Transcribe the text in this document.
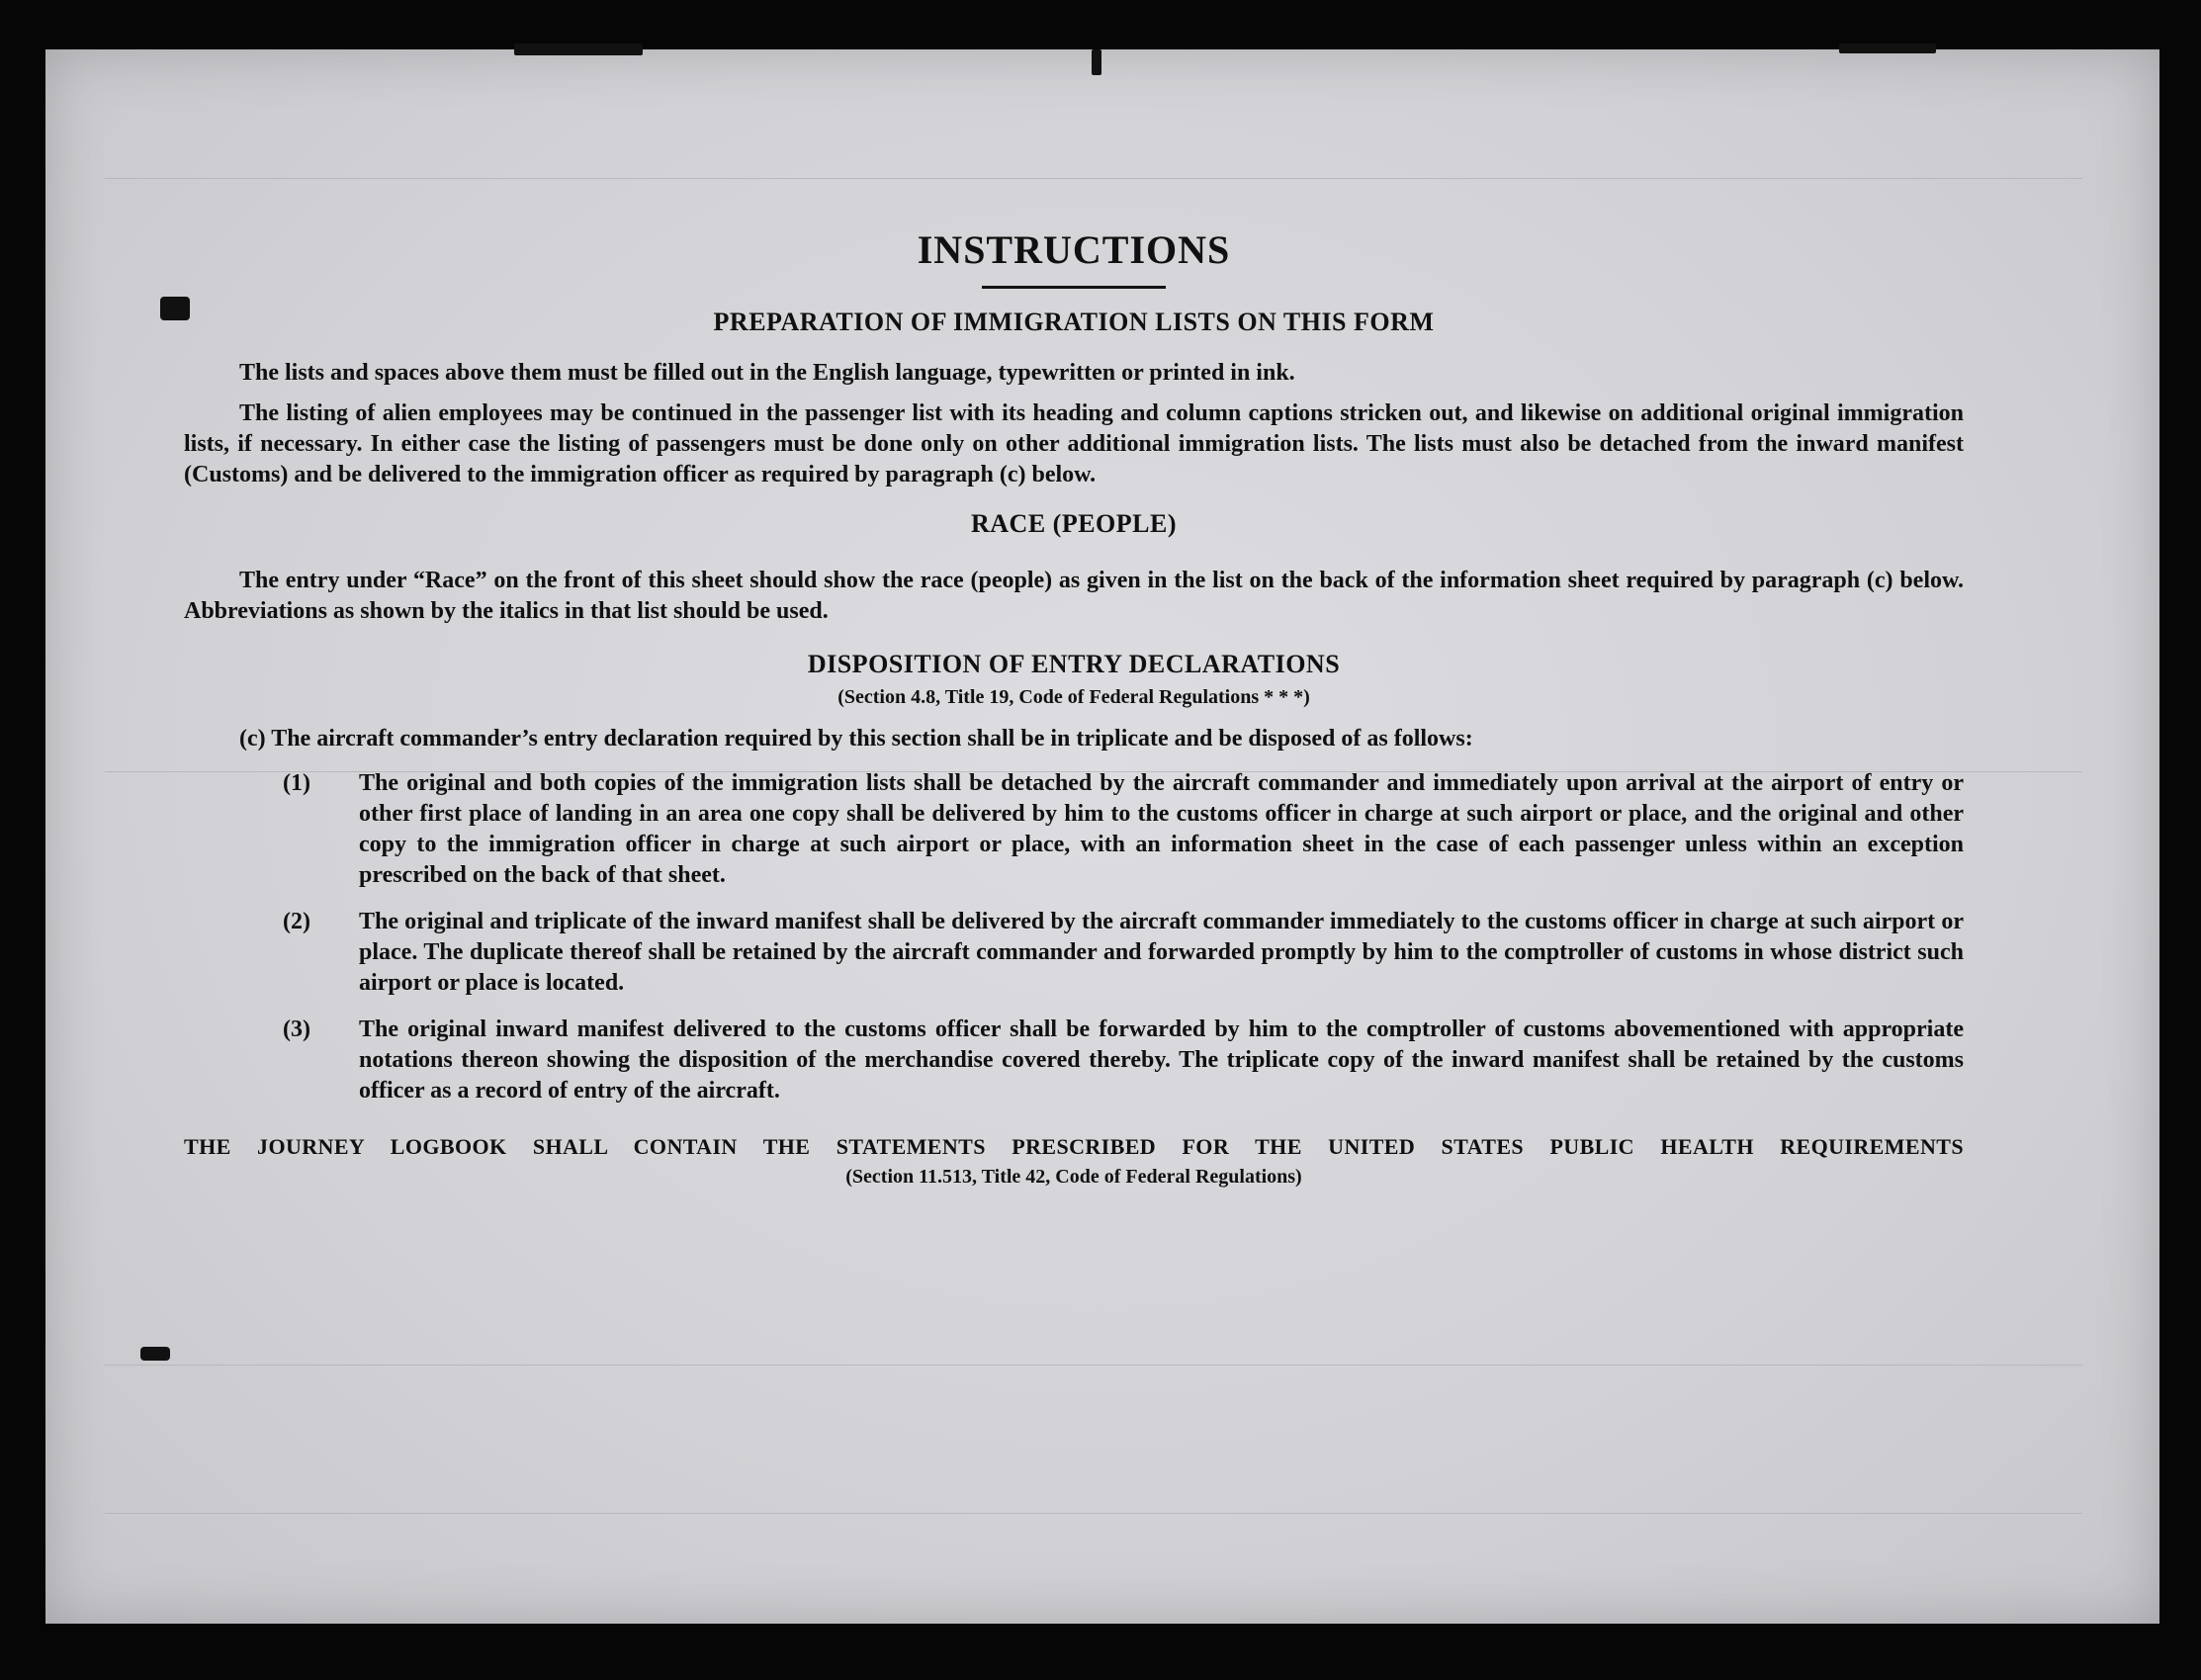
INSTRUCTIONS
PREPARATION OF IMMIGRATION LISTS ON THIS FORM

The lists and spaces above them must be filled out in the English language, typewritten or printed in ink.

The listing of alien employees may be continued in the passenger list with its heading and column captions stricken out, and likewise on additional original immigration lists, if necessary. In either case the listing of passengers must be done only on other additional immigration lists. The lists must also be detached from the inward manifest (Customs) and be delivered to the immigration officer as required by paragraph (c) below.

RACE (PEOPLE)

The entry under “Race” on the front of this sheet should show the race (people) as given in the list on the back of the information sheet required by paragraph (c) below. Abbreviations as shown by the italics in that list should be used.

DISPOSITION OF ENTRY DECLARATIONS

(Section 4.8, Title 19, Code of Federal Regulations * * *)

(c) The aircraft commander’s entry declaration required by this section shall be in triplicate and be disposed of as follows:

(1) The original and both copies of the immigration lists shall be detached by the aircraft commander and immediately upon arrival at the airport of entry or other first place of landing in an area one copy shall be delivered by him to the customs officer in charge at such airport or place, and the original and other copy to the immigration officer in charge at such airport or place, with an information sheet in the case of each passenger unless within an exception prescribed on the back of that sheet.
(2) The original and triplicate of the inward manifest shall be delivered by the aircraft commander immediately to the customs officer in charge at such airport or place. The duplicate thereof shall be retained by the aircraft commander and forwarded promptly by him to the comptroller of customs in whose district such airport or place is located.
(3) The original inward manifest delivered to the customs officer shall be forwarded by him to the comptroller of customs abovementioned with appropriate notations thereon showing the disposition of the merchandise covered thereby. The triplicate copy of the inward manifest shall be retained by the customs officer as a record of entry of the aircraft.

THE JOURNEY LOGBOOK SHALL CONTAIN THE STATEMENTS PRESCRIBED FOR THE UNITED STATES PUBLIC HEALTH REQUIREMENTS

(Section 11.513, Title 42, Code of Federal Regulations)
